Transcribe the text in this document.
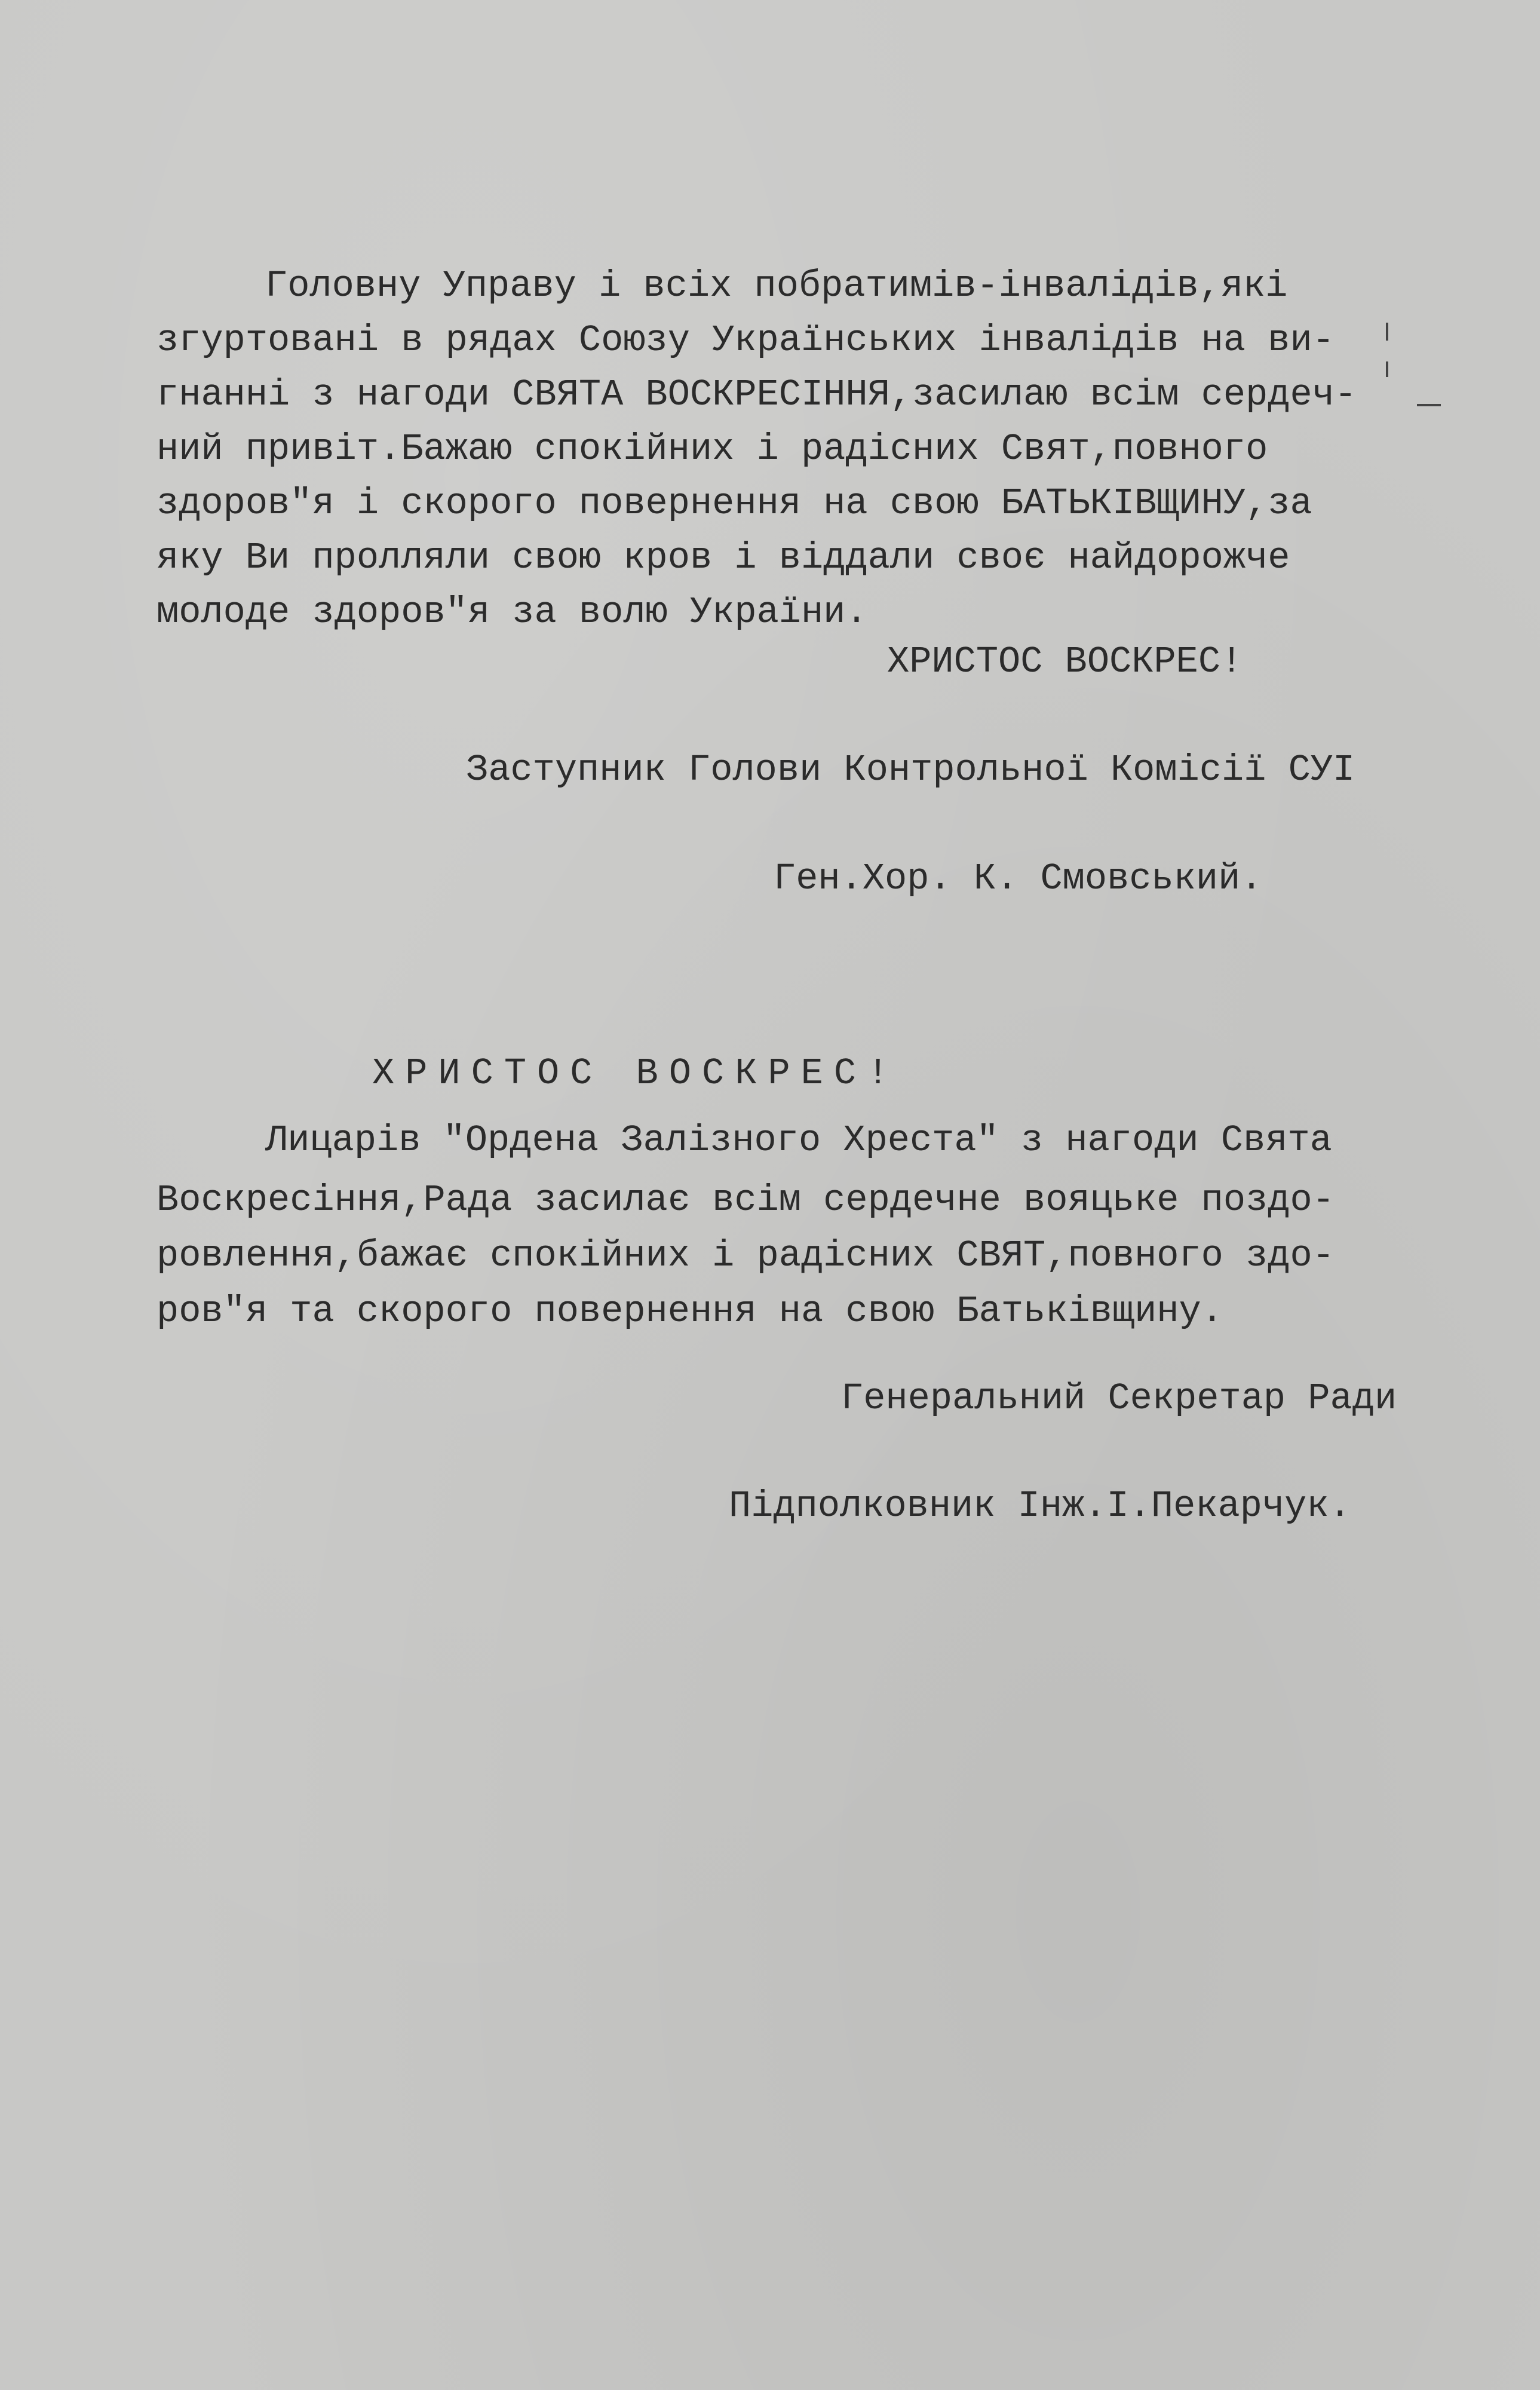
Головну Управу і всіх побратимів-інвалідів,які
згуртовані в рядах Союзу Українських інвалідів на ви-
гнанні з нагоди СВЯТА ВОСКРЕСІННЯ,засилаю всім сердеч-
ний привіт.Бажаю спокійних і радісних Свят,повного
здоров"я і скорого повернення на свою БАТЬКІВЩИНУ,за
яку Ви пролляли свою кров і віддали своє найдорожче
молоде здоров"я за волю України.
ХРИСТОС ВОСКРЕС!
Заступник Голови Контрольної Комісії СУІ
Ген.Хор. К. Смовський.
ХРИСТОС ВОСКРЕС!
Лицарів "Ордена Залізного Хреста" з нагоди Свята
Воскресіння,Рада засилає всім сердечне вояцьке поздо-
ровлення,бажає спокійних і радісних СВЯТ,повного здо-
ров"я та скорого повернення на свою Батьківщину.
Генеральний Секретар Ради
Підполковник Інж.І.Пекарчук.
